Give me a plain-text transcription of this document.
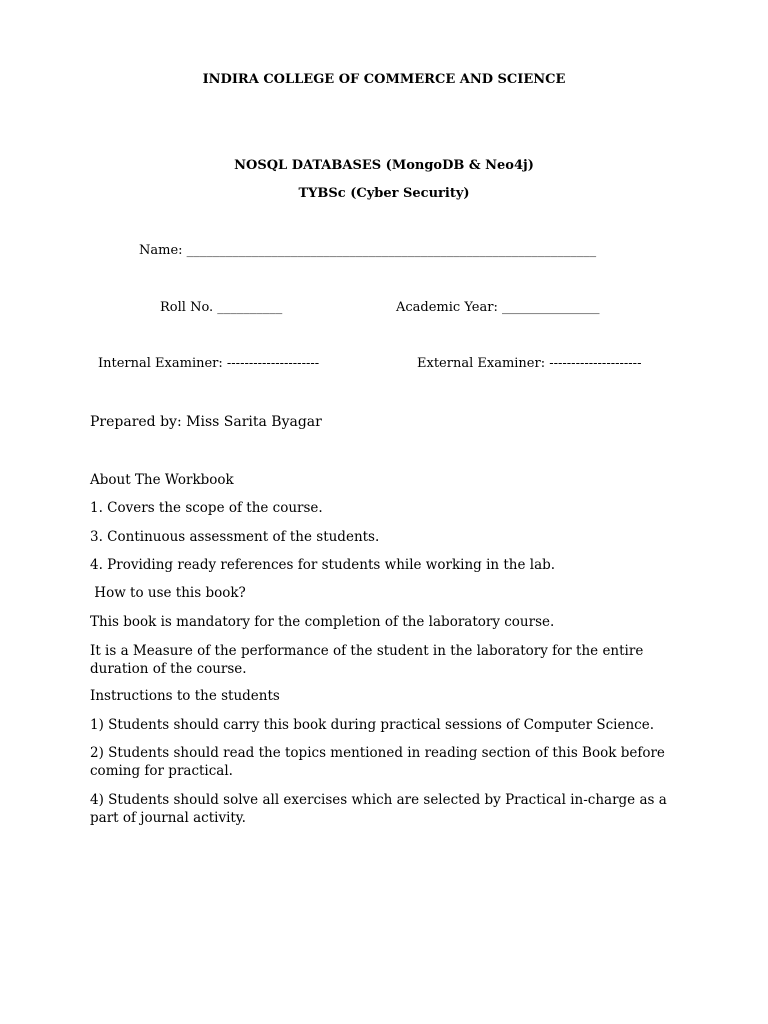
INDIRA COLLEGE OF COMMERCE AND SCIENCE
NOSQL DATABASES (MongoDB & Neo4j)
TYBSc (Cyber Security)
Name: _______________________________________________________________
Roll No. __________	Academic Year: _______________
Internal Examiner: ---------------------	External Examiner: ---------------------
Prepared by: Miss Sarita Byagar
About The Workbook
1. Covers the scope of the course.
3. Continuous assessment of the students.
4. Providing ready references for students while working in the lab.
How to use this book?
This book is mandatory for the completion of the laboratory course.
It is a Measure of the performance of the student in the laboratory for the entire duration of the course.
Instructions to the students
1) Students should carry this book during practical sessions of Computer Science.
2) Students should read the topics mentioned in reading section of this Book before coming for practical.
4) Students should solve all exercises which are selected by Practical in-charge as a part of journal activity.
